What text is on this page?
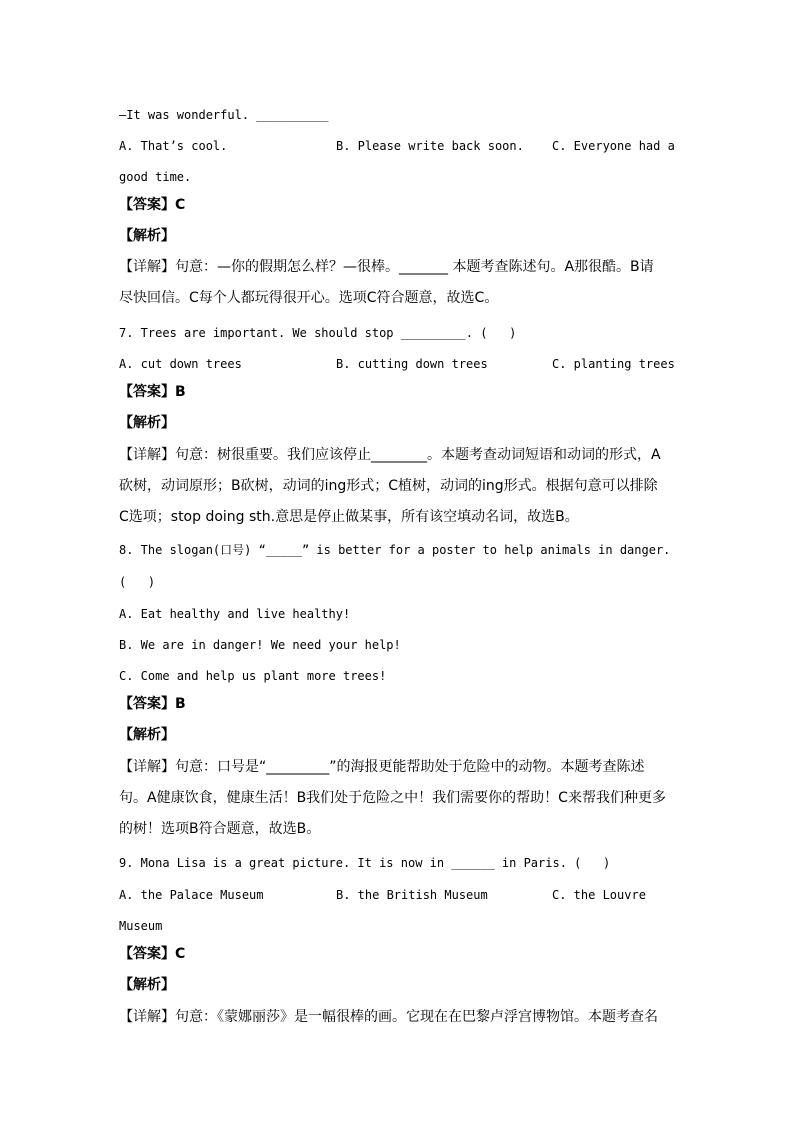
—It was wonderful. __________
A. That’s cool.	B. Please write back soon. C. Everyone had a
good time.
【答案】C
【解析】
【详解】句意：—你的假期怎么样？—很棒。_______ 本题考查陈述句。A那很酷。B请
尽快回信。C每个人都玩得很开心。选项C符合题意，故选C。
7. Trees are important. We should stop _________. (   )
A. cut down trees	B. cutting down trees	C. planting trees
【答案】B
【解析】
【详解】句意：树很重要。我们应该停止________。本题考查动词短语和动词的形式，A
砍树，动词原形；B砍树，动词的ing形式；C植树，动词的ing形式。根据句意可以排除
C选项；stop doing sth.意思是停止做某事，所有该空填动名词，故选B。
8. The slogan(口号) “_____” is better for a poster to help animals in danger.
(   )
A. Eat healthy and live healthy!
B. We are in danger! We need your help!
C. Come and help us plant more trees!
【答案】B
【解析】
【详解】句意：口号是“_________”的海报更能帮助处于危险中的动物。本题考查陈述
句。A健康饮食，健康生活！B我们处于危险之中！我们需要你的帮助！C来帮我们种更多
的树！选项B符合题意，故选B。
9. Mona Lisa is a great picture. It is now in ______ in Paris. (   )
A. the Palace Museum	B. the British Museum	C. the Louvre
Museum
【答案】C
【解析】
【详解】句意：《蒙娜丽莎》是一幅很棒的画。它现在在巴黎卢浮宫博物馆。本题考查名
